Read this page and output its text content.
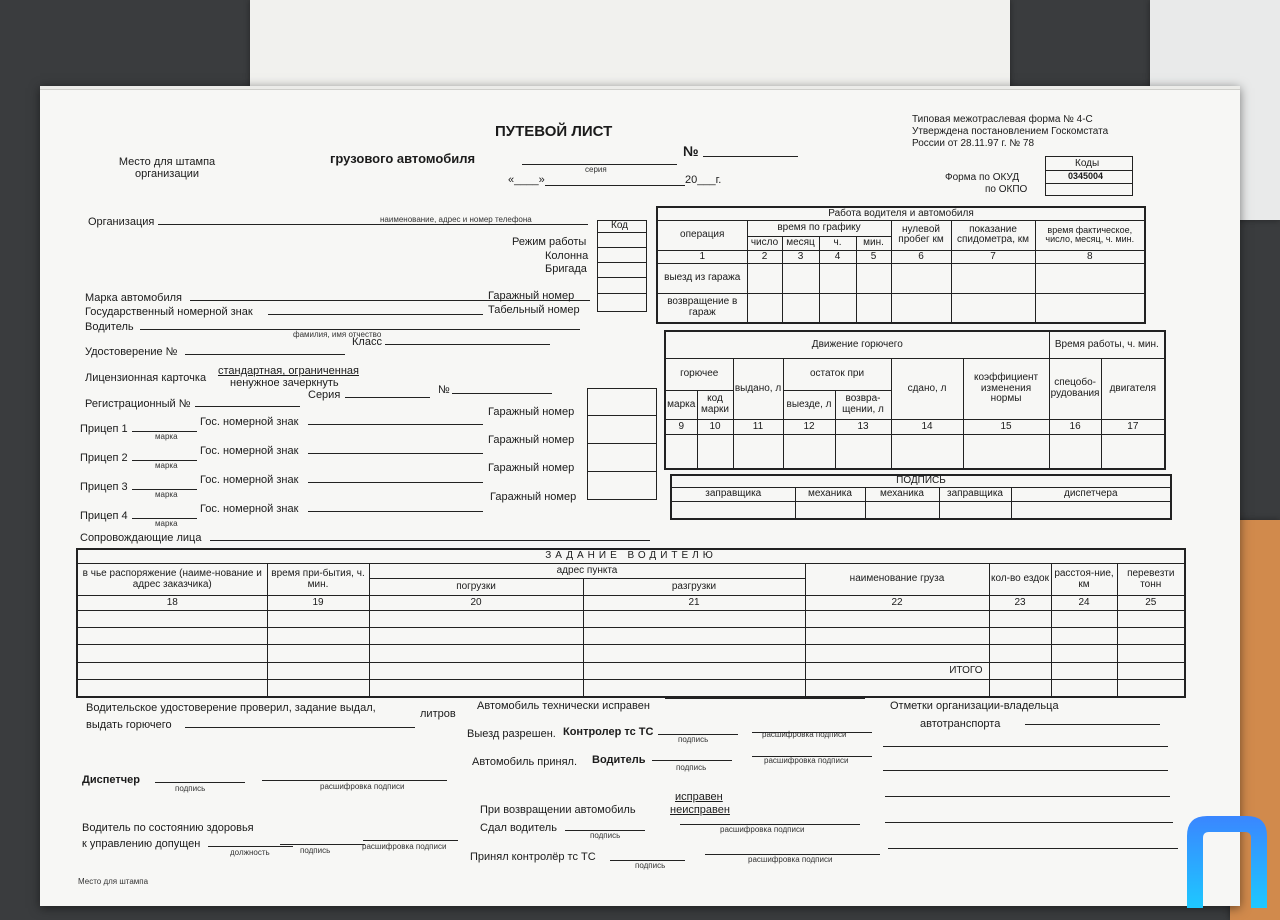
Место для штампа организации
ПУТЕВОЙ ЛИСТ
грузового автомобиля
серия
№
«____»	20___г.
Типовая межотраслевая форма № 4-С
Утверждена постановлением Госкомстата
России от 28.11.97 г. № 78
Коды
0345004
Форма по ОКУД
по ОКПО
Организация	наименование, адрес и номер телефона
Код
Режим работы
Колонна
Бригада
Марка автомобиля
Государственный номерной знак
Гаражный номер
Табельный номер
Водитель
фамилия, имя отчество
Удостоверение №
Класс
Лицензионная карточка
стандартная, ограниченная
ненужное зачеркнуть
Регистрационный №
Серия	№
Прицеп 1
марка
Гос. номерной знак
Гаражный номер
Прицеп 2
марка
Гос. номерной знак
Гаражный номер
Прицеп 3
марка
Гос. номерной знак
Гаражный номер
Прицеп 4
марка
Гос. номерной знак
Гаражный номер
Сопровождающие лица
Работа водителя и автомобиля							
операция	время по графику				нулевой пробег км	показание спидометра, км	время фактическое, число, месяц, ч. мин.
	число	месяц	ч.	мин.			
1	2	3	4	5	6	7	8
выезд из гаража							
возвращение в гараж							
Движение горючего							Время работы, ч. мин.	
горючее		выдано, л	остаток при		сдано, л	коэффициент изменения нормы	спецобо-рудования	двигателя
марка	код марки		выезде, л	возвра-щении, л				
9	10	11	12	13	14	15	16	17

ПОДПИСЬ				
заправщика	механика	механика	заправщика	диспетчера

ЗАДАНИЕ ВОДИТЕЛЮ							
в чье распоряжение (наиме-нование и адрес заказчика)	время при-бытия, ч. мин.	адрес пункта		наименование груза	кол-во ездок	расстоя-ние, км	перевезти тонн
		погрузки	разгрузки				
18	19	20	21	22	23	24	25

				ИТОГО			

Водительское удостоверение проверил, задание выдал,
выдать горючего
литров
Диспетчер
подпись	расшифровка подписи
Водитель по состоянию здоровья
к управлению допущен
должность	подпись	расшифровка подписи
Место для штампа
Автомобиль технически исправен
Выезд разрешен. Контролер тс ТС
подпись
расшифровка подписи
Автомобиль принял. Водитель
подпись
расшифровка подписи
При возвращении автомобиль
исправен
неисправен
Сдал водитель
подпись
расшифровка подписи
Принял контролёр тс ТС
подпись
расшифровка подписи
Отметки организации-владельца
автотранспорта
